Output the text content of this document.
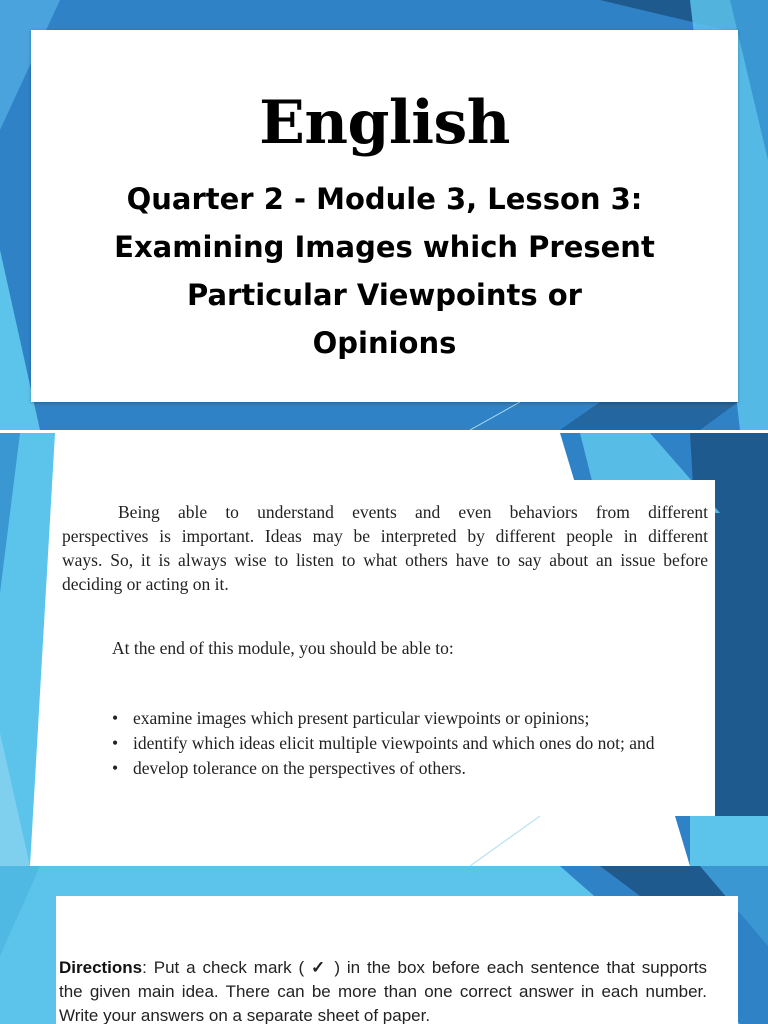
English
Quarter 2 - Module 3, Lesson 3:
Examining Images which Present
Particular Viewpoints or
Opinions
Being able to understand events and even behaviors from different
perspectives is important. Ideas may be interpreted by different people in different
ways. So, it is always wise to listen to what others have to say about an issue before
deciding or acting on it.
At the end of this module, you should be able to:
• examine images which present particular viewpoints or opinions;
• identify which ideas elicit multiple viewpoints and which ones do not; and
• develop tolerance on the perspectives of others.
Directions: Put a check mark ( ✓ ) in the box before each sentence that supports
the given main idea. There can be more than one correct answer in each number.
Write your answers on a separate sheet of paper.
